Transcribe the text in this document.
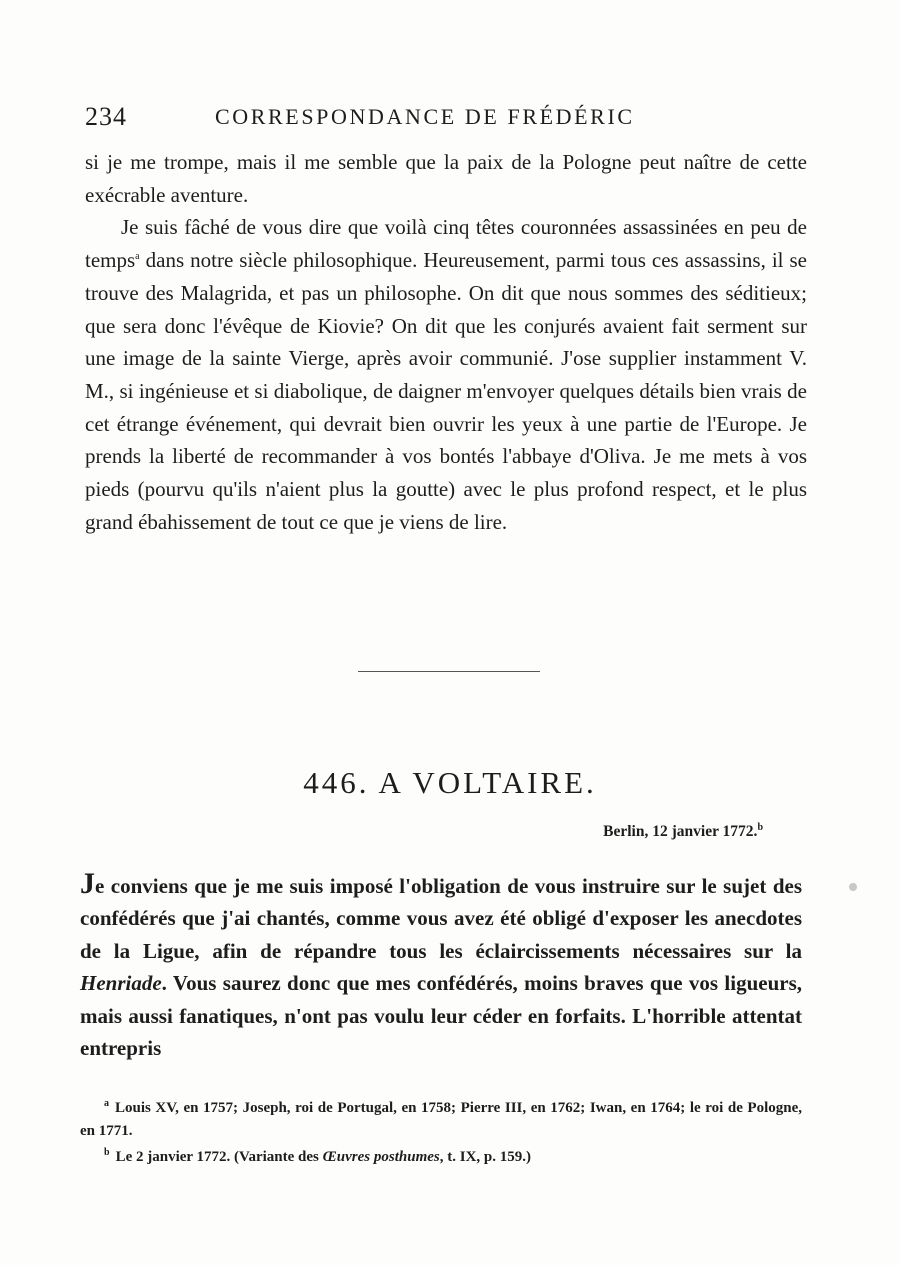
234	CORRESPONDANCE DE FRÉDÉRIC

si je me trompe, mais il me semble que la paix de la Pologne peut naître de cette exécrable aventure.

Je suis fâché de vous dire que voilà cinq têtes couronnées assassinées en peu de temps$^a$ dans notre siècle philosophique. Heureusement, parmi tous ces assassins, il se trouve des Malagrida, et pas un philosophe. On dit que nous sommes des séditieux; que sera donc l'évêque de Kiovie? On dit que les conjurés avaient fait serment sur une image de la sainte Vierge, après avoir communié. J'ose supplier instamment V. M., si ingénieuse et si diabolique, de daigner m'envoyer quelques détails bien vrais de cet étrange événement, qui devrait bien ouvrir les yeux à une partie de l'Europe. Je prends la liberté de recommander à vos bontés l'abbaye d'Oliva. Je me mets à vos pieds (pourvu qu'ils n'aient plus la goutte) avec le plus profond respect, et le plus grand ébahissement de tout ce que je viens de lire.

446. A VOLTAIRE.
Berlin, 12 janvier 1772.$^b$

Je conviens que je me suis imposé l'obligation de vous instruire sur le sujet des confédérés que j'ai chantés, comme vous avez été obligé d'exposer les anecdotes de la Ligue, afin de répandre tous les éclaircissements nécessaires sur la Henriade. Vous saurez donc que mes confédérés, moins braves que vos ligueurs, mais aussi fanatiques, n'ont pas voulu leur céder en forfaits. L'horrible attentat entrepris

$^a$ Louis XV, en 1757; Joseph, roi de Portugal, en 1758; Pierre III, en 1762; Iwan, en 1764; le roi de Pologne, en 1771.

$^b$ Le 2 janvier 1772. (Variante des Œuvres posthumes, t. IX, p. 159.)
